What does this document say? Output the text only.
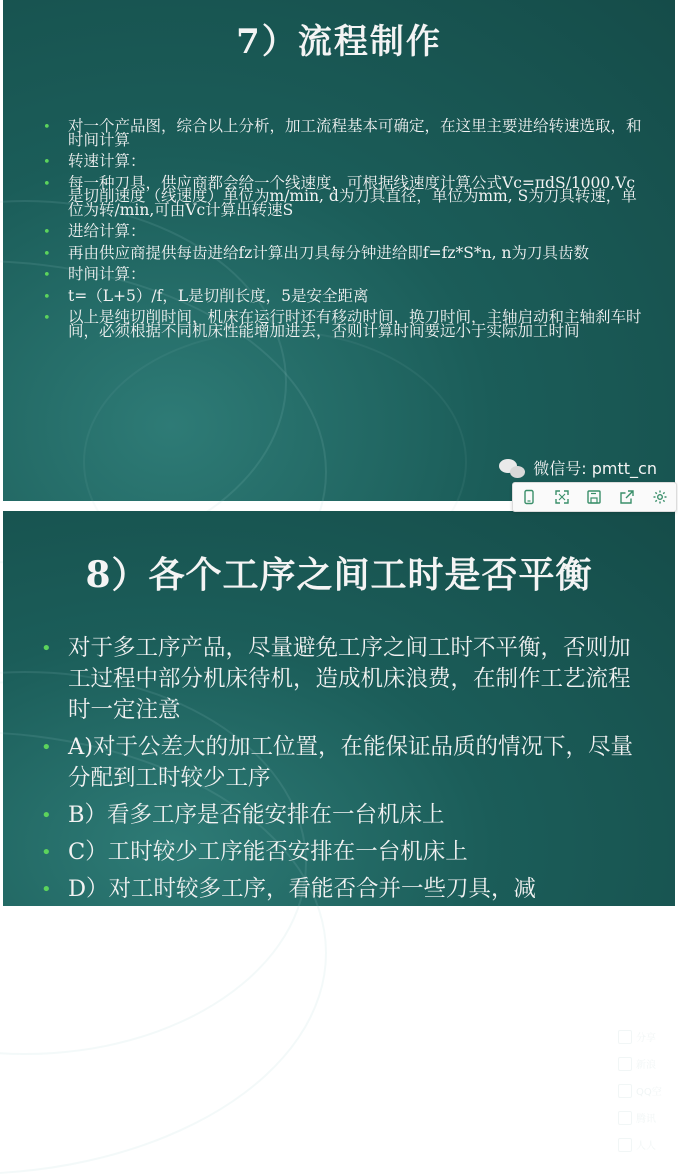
7）流程制作
• 对一个产品图，综合以上分析，加工流程基本可确定，在这里主要进给转速选取，和时间计算
• 转速计算：
• 每一种刀具，供应商都会给一个线速度，可根据线速度计算公式Vc=πdS/1000,Vc是切削速度（线速度）单位为m/min, d为刀具直径，单位为mm, S为刀具转速，单位为转/min,可由Vc计算出转速S
• 进给计算：
• 再由供应商提供每齿进给fz计算出刀具每分钟进给即f=fz*S*n, n为刀具齿数
• 时间计算：
• t=（L+5）/f，L是切削长度，5是安全距离
• 以上是纯切削时间，机床在运行时还有移动时间，换刀时间，主轴启动和主轴刹车时间，必须根据不同机床性能增加进去，否则计算时间要远小于实际加工时间
微信号: pmtt_cn
8）各个工序之间工时是否平衡
• 对于多工序产品，尽量避免工序之间工时不平衡，否则加工过程中部分机床待机，造成机床浪费，在制作工艺流程时一定注意
• A)对于公差大的加工位置，在能保证品质的情况下，尽量分配到工时较少工序
• B）看多工序是否能安排在一台机床上
• C）工时较少工序能否安排在一台机床上
• D）对工时较多工序，看能否合并一些刀具，减
分享
新浪
QQ空
腾讯
人人
